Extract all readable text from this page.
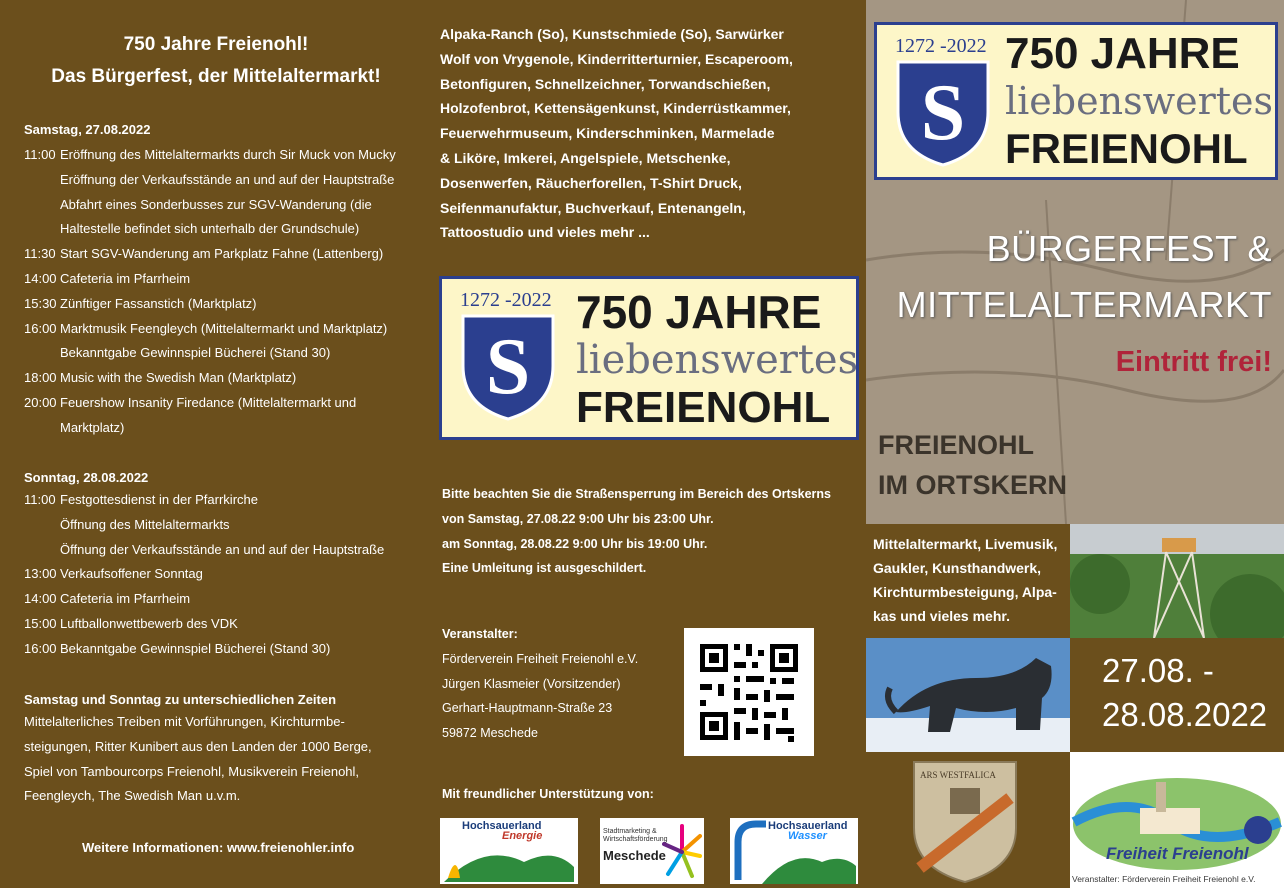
750 Jahre Freienohl!
Das Bürgerfest, der Mittelaltermarkt!
Samstag, 27.08.2022
11:00 Eröffnung des Mittelaltermarkts durch Sir Muck von Mucky
Eröffnung der Verkaufsstände an und auf der Hauptstraße
Abfahrt eines Sonderbusses zur SGV-Wanderung (die
Haltestelle befindet sich unterhalb der Grundschule)
11:30 Start SGV-Wanderung am Parkplatz Fahne (Lattenberg)
14:00 Cafeteria im Pfarrheim
15:30 Zünftiger Fassanstich (Marktplatz)
16:00 Marktmusik Feenglеych (Mittelaltermarkt und Marktplatz)
Bekanntgabe Gewinnspiel Bücherei (Stand 30)
18:00 Music with the Swedish Man (Marktplatz)
20:00 Feuershow Insanity Firedance (Mittelaltermarkt und
Marktplatz)
Sonntag, 28.08.2022
11:00 Festgottesdienst in der Pfarrkirche
Öffnung des Mittelaltermarkts
Öffnung der Verkaufsstände an und auf der Hauptstraße
13:00 Verkaufsoffener Sonntag
14:00 Cafeteria im Pfarrheim
15:00 Luftballonwettbewerb des VDK
16:00 Bekanntgabe Gewinnspiel Bücherei (Stand 30)
Samstag und Sonntag zu unterschiedlichen Zeiten
Mittelalterliches Treiben mit Vorführungen, Kirchturmbe-
steigungen, Ritter Kunibert aus den Landen der 1000 Berge,
Spiel von Tambourcorps Freienohl, Musikverein Freienohl,
Feenglеych, The Swedish Man u.v.m.
Weitere Informationen: www.freienohler.info
Alpaka-Ranch (So), Kunstschmiede (So), Sarwürker
Wolf von Vrygenole, Kinderritterturnier, Escaperoom,
Betonfiguren, Schnellzeichner, Torwandschießen,
Holzofenbrot, Kettensägenkunst, Kinderrüstkammer,
Feuerwehrmuseum, Kinderschminken, Marmelade
& Liköre, Imkerei, Angelspiele, Metschenke,
Dosenwerfen, Räucherforellen, T-Shirt Druck,
Seifenmanufaktur, Buchverkauf, Entenangeln,
Tattoostudio und vieles mehr ...
1272 -2022
S
750 JAHRE
liebenswertes
FREIENOHL
Bitte beachten Sie die Straßensperrung im Bereich des Ortskerns
von Samstag, 27.08.22 9:00 Uhr bis 23:00 Uhr.
am Sonntag, 28.08.22 9:00 Uhr bis 19:00 Uhr.
Eine Umleitung ist ausgeschildert.
Veranstalter:
Förderverein Freiheit Freienohl e.V.
Jürgen Klasmeier (Vorsitzender)
Gerhart-Hauptmann-Straße 23
59872 Meschede
Mit freundlicher Unterstützung von:
Hochsauerland
Energie	Stadtmarketing &
Wirtschaftsförderung
Meschede
Hochsauerland
Wasser
1272 -2022
S
750 JAHRE
liebenswertes
FREIENOHL
BÜRGERFEST &
MITTELALTERMARKT
Eintritt frei!
FREIENOHL
IM ORTSKERN
Mittelaltermarkt, Livemusik,
Gaukler, Kunsthandwerk,
Kirchturmbesteigung, Alpa-
kas und vieles mehr.
27.08. -
28.08.2022
ARS WESTFALICA
Freiheit Freienohl
Veranstalter: Förderverein Freiheit Freienohl e.V.
